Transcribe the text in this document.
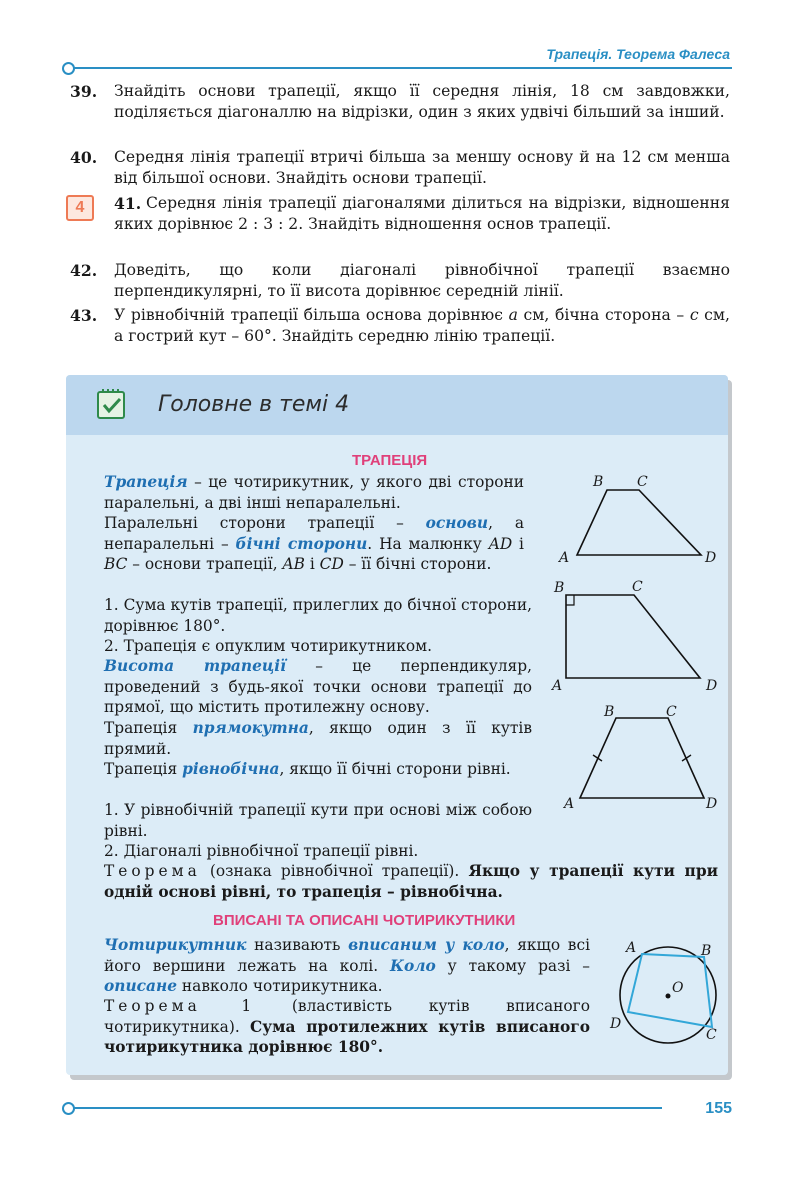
Трапеція. Теорема Фалеса
39. Знайдіть основи трапеції, якщо її середня лінія, 18 см завдовжки, поділяється діагоналлю на відрізки, один з яких удвічі більший за інший.
40. Середня лінія трапеції втричі більша за меншу основу й на 12 см менша від більшої основи. Знайдіть основи трапеції.
4	41. Середня лінія трапеції діагоналями ділиться на відрізки, відношення яких дорівнює 2 : 3 : 2. Знайдіть відношення основ трапеції.
42. Доведіть, що коли діагоналі рівнобічної трапеції взаємно перпендикулярні, то її висота дорівнює середній лінії.
43. У рівнобічній трапеції більша основа дорівнює a см, бічна сторона – c см, а гострий кут – 60°. Знайдіть середню лінію трапеції.
Головне в темі 4
ТРАПЕЦІЯ
Трапеція – це чотирикутник, у якого дві сторони паралельні, а дві інші непаралельні.
Паралельні сторони трапеції – основи, а непаралельні – бічні сторони. На малюнку AD і BC – основи трапеції, AB і CD – її бічні сторони.
1. Сума кутів трапеції, прилеглих до бічної сторони, дорівнює 180°.
2. Трапеція є опуклим чотирикутником.
Висота трапеції – це перпендикуляр, проведений з будь-якої точки основи трапеції до прямої, що містить протилежну основу.
Трапеція прямокутна, якщо один з її кутів прямий.
Трапеція рівнобічна, якщо її бічні сторони рівні.
1. У рівнобічній трапеції кути при основі між собою рівні.
2. Діагоналі рівнобічної трапеції рівні.
Теорема (ознака рівнобічної трапеції). Якщо у трапеції кути при одній основі рівні, то трапеція – рівнобічна.
A
B C
D
A
B	C
D
A
B	C
D
ВПИСАНІ ТА ОПИСАНІ ЧОТИРИКУТНИКИ
Чотирикутник називають вписаним у коло, якщо всі його вершини лежать на колі. Коло у такому разі – описане навколо чотирикутника.
Теорема 1 (властивість кутів вписаного чотирикутника). Сума протилежних кутів вписаного чотирикутника дорівнює 180°.
A	B
C
D
O
155
